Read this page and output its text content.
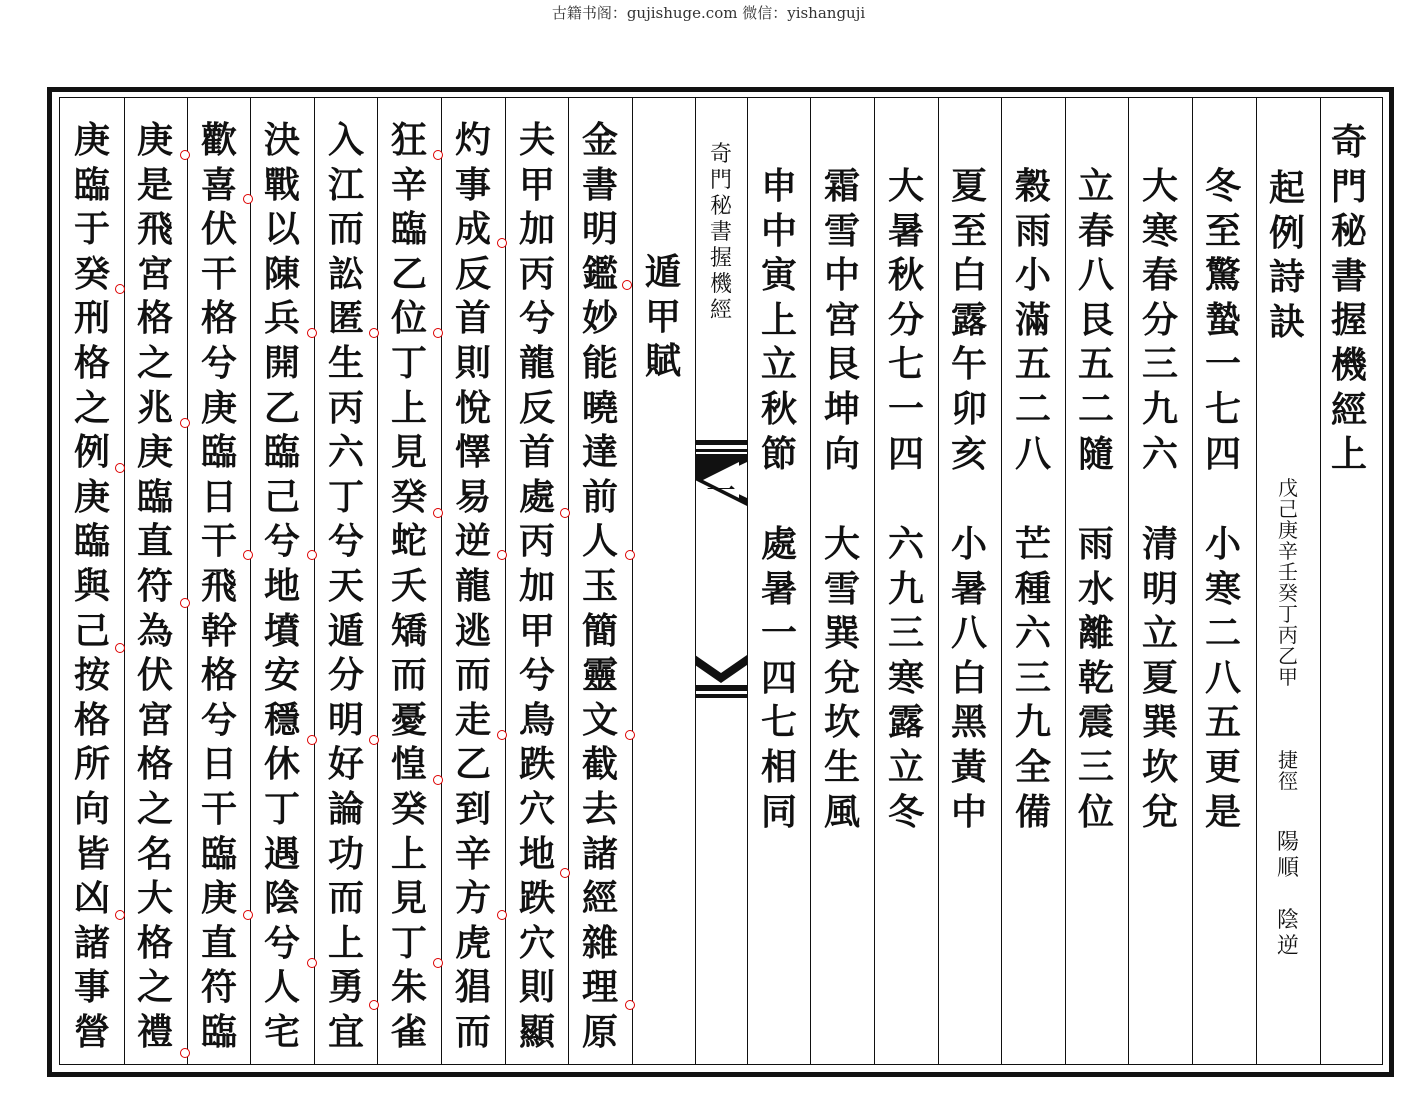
古籍书阁：gujishuge.com 微信：yishanguji
奇
門
秘
書
握
機
經
上
起
例
詩
訣
戊
己
庚
辛
壬
癸
丁
丙
乙
甲
捷
徑
陽
順
陰
逆
冬
至
驚
蟄
一
七
四
小
寒
二
八
五
更
是
大
寒
春
分
三
九
六
清
明
立
夏
巽
坎
兌
立
春
八
艮
五
二
隨
雨
水
離
乾
震
三
位
穀
雨
小
滿
五
二
八
芒
種
六
三
九
全
備
夏
至
白
露
午
卯
亥
小
暑
八
白
黑
黃
中
大
暑
秋
分
七
一
四
六
九
三
寒
露
立
冬
霜
雪
中
宮
艮
坤
向
大
雪
巽
兌
坎
生
風
申
中
寅
上
立
秋
節
處
暑
一
四
七
相
同
一
奇
門
秘
書
握
機
經
遁
甲
賦
金
書
明
鑑
妙
能
曉
達
前
人
玉
簡
靈
文
截
去
諸
經
雜
理
原
夫
甲
加
丙
兮
龍
反
首
處
丙
加
甲
兮
鳥
跌
穴
地
跌
穴
則
顯
灼
事
成
反
首
則
悅
懌
易
逆
龍
逃
而
走
乙
到
辛
方
虎
猖
而
狂
辛
臨
乙
位
丁
上
見
癸
蛇
夭
矯
而
憂
惶
癸
上
見
丁
朱
雀
入
江
而
訟
匿
生
丙
六
丁
兮
天
遁
分
明
好
論
功
而
上
勇
宜
決
戰
以
陳
兵
開
乙
臨
己
兮
地
墳
安
穩
休
丁
遇
陰
兮
人
宅
歡
喜
伏
干
格
兮
庚
臨
日
干
飛
幹
格
兮
日
干
臨
庚
直
符
臨
庚
是
飛
宮
格
之
兆
庚
臨
直
符
為
伏
宮
格
之
名
大
格
之
禮
庚
臨
于
癸
刑
格
之
例
庚
臨
與
己
按
格
所
向
皆
凶
諸
事
營
